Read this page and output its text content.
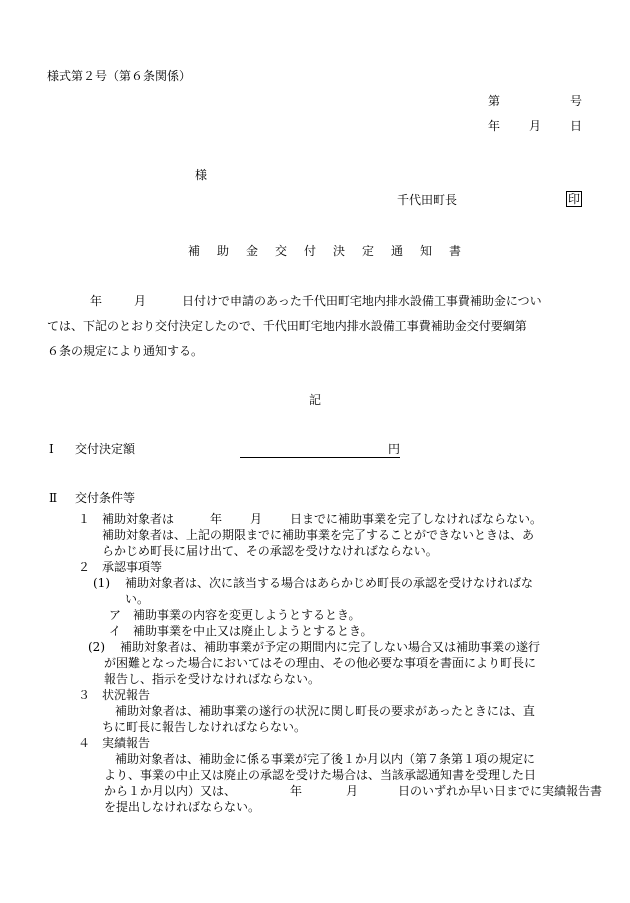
様式第２号（第６条関係）
第	号
年 月 日
様
千代田町長	印
補助金交付決定通知書
年	月	日付けで申請のあった千代田町宅地内排水設備工事費補助金につい
ては、下記のとおり交付決定したので、千代田町宅地内排水設備工事費補助金交付要綱第
６条の規定により通知する。
記
Ⅰ 交付決定額	円
Ⅱ 交付条件等
１ 補助対象者は	年 月 日までに補助事業を完了しなければならない。
補助対象者は、上記の期限までに補助事業を完了することができないときは、あ
らかじめ町長に届け出て、その承認を受けなければならない。
２ 承認事項等
(1) 補助対象者は、次に該当する場合はあらかじめ町長の承認を受けなければな
い。
ア 補助事業の内容を変更しようとするとき。
イ 補助事業を中止又は廃止しようとするとき。
(2) 補助対象者は、補助事業が予定の期間内に完了しない場合又は補助事業の遂行
が困難となった場合においてはその理由、その他必要な事項を書面により町長に
報告し、指示を受けなければならない。
３ 状況報告
補助対象者は、補助事業の遂行の状況に関し町長の要求があったときには、直
ちに町長に報告しなければならない。
４ 実績報告
補助対象者は、補助金に係る事業が完了後１か月以内（第７条第１項の規定に
より、事業の中止又は廃止の承認を受けた場合は、当該承認通知書を受理した日
から１か月以内）又は、	年	月	日のいずれか早い日までに実績報告書
を提出しなければならない。
